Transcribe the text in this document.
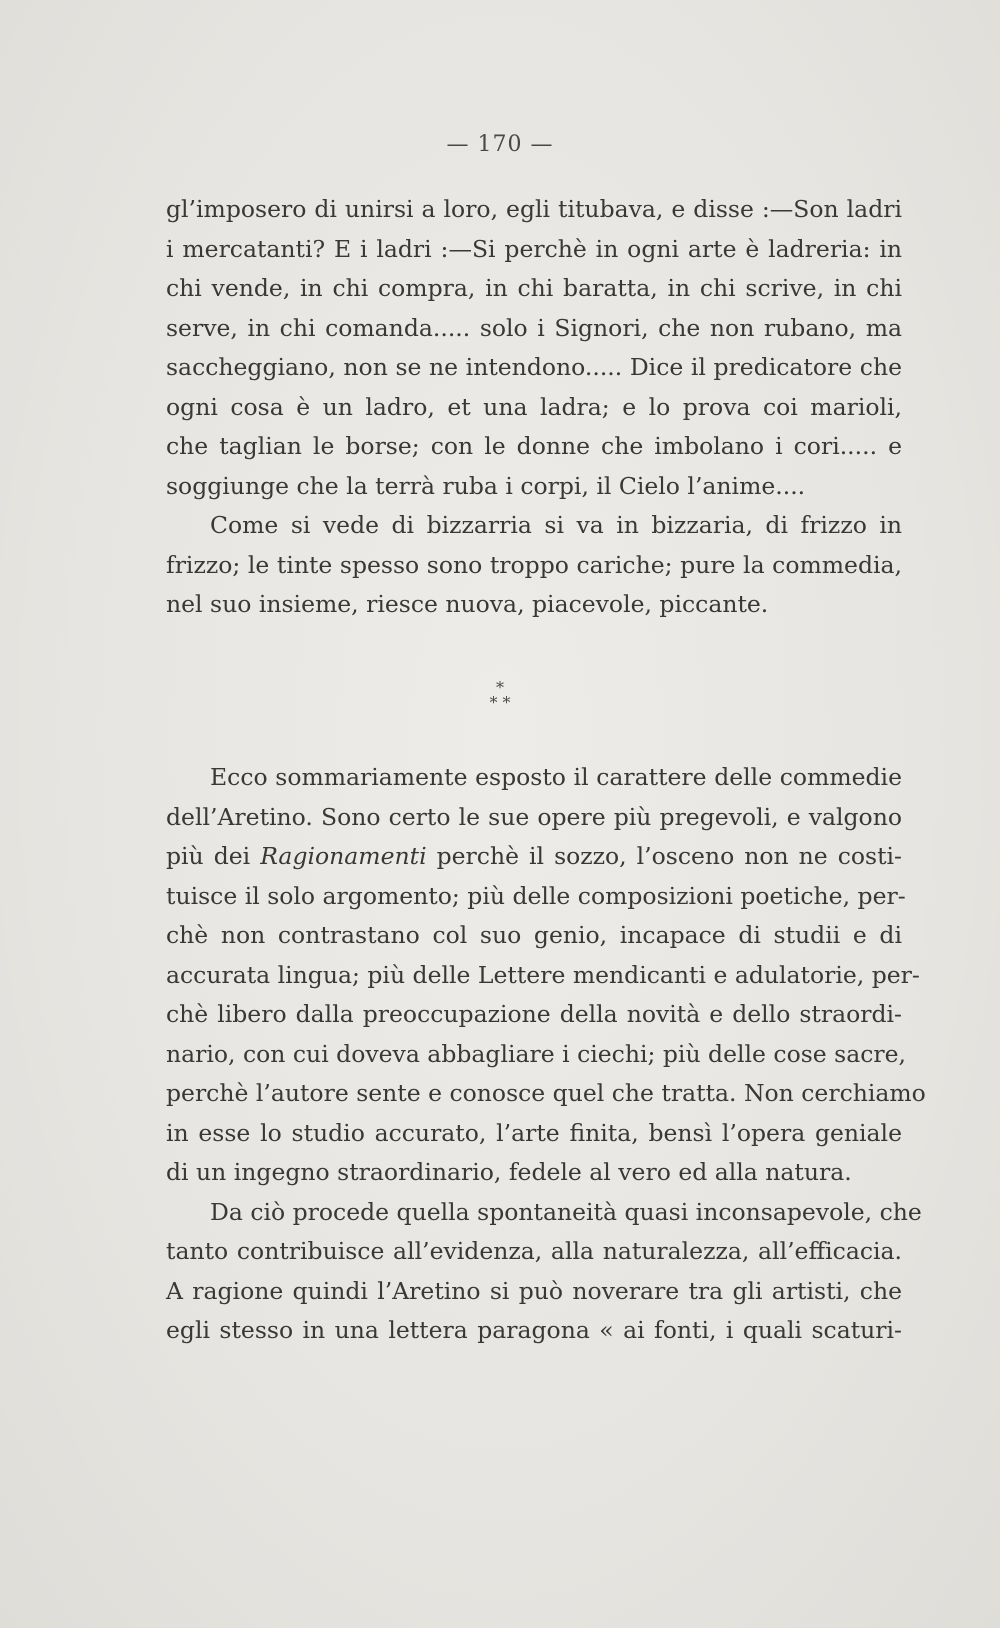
— 170 —
gl’imposero di unirsi a loro, egli titubava, e disse :—Son ladri
i mercatanti? E i ladri :—Si perchè in ogni arte è ladreria: in
chi vende, in chi compra, in chi baratta, in chi scrive, in chi
serve, in chi comanda..... solo i Signori, che non rubano, ma
saccheggiano, non se ne intendono..... Dice il predicatore che
ogni cosa è un ladro, et una ladra; e lo prova coi marioli,
che taglian le borse; con le donne che imbolano i cori..... e
soggiunge che la terrà ruba i corpi, il Cielo l’anime....
Come si vede di bizzarria si va in bizzaria, di frizzo in
frizzo; le tinte spesso sono troppo cariche; pure la commedia,
nel suo insieme, riesce nuova, piacevole, piccante.
*
* *
Ecco sommariamente esposto il carattere delle commedie
dell’Aretino. Sono certo le sue opere più pregevoli, e valgono
più dei Ragionamenti perchè il sozzo, l’osceno non ne costi-
tuisce il solo argomento; più delle composizioni poetiche, per-
chè non contrastano col suo genio, incapace di studii e di
accurata lingua; più delle Lettere mendicanti e adulatorie, per-
chè libero dalla preoccupazione della novità e dello straordi-
nario, con cui doveva abbagliare i ciechi; più delle cose sacre,
perchè l’autore sente e conosce quel che tratta. Non cerchiamo
in esse lo studio accurato, l’arte finita, bensì l’opera geniale
di un ingegno straordinario, fedele al vero ed alla natura.
Da ciò procede quella spontaneità quasi inconsapevole, che
tanto contribuisce all’evidenza, alla naturalezza, all’efficacia.
A ragione quindi l’Aretino si può noverare tra gli artisti, che
egli stesso in una lettera paragona « ai fonti, i quali scaturi-
